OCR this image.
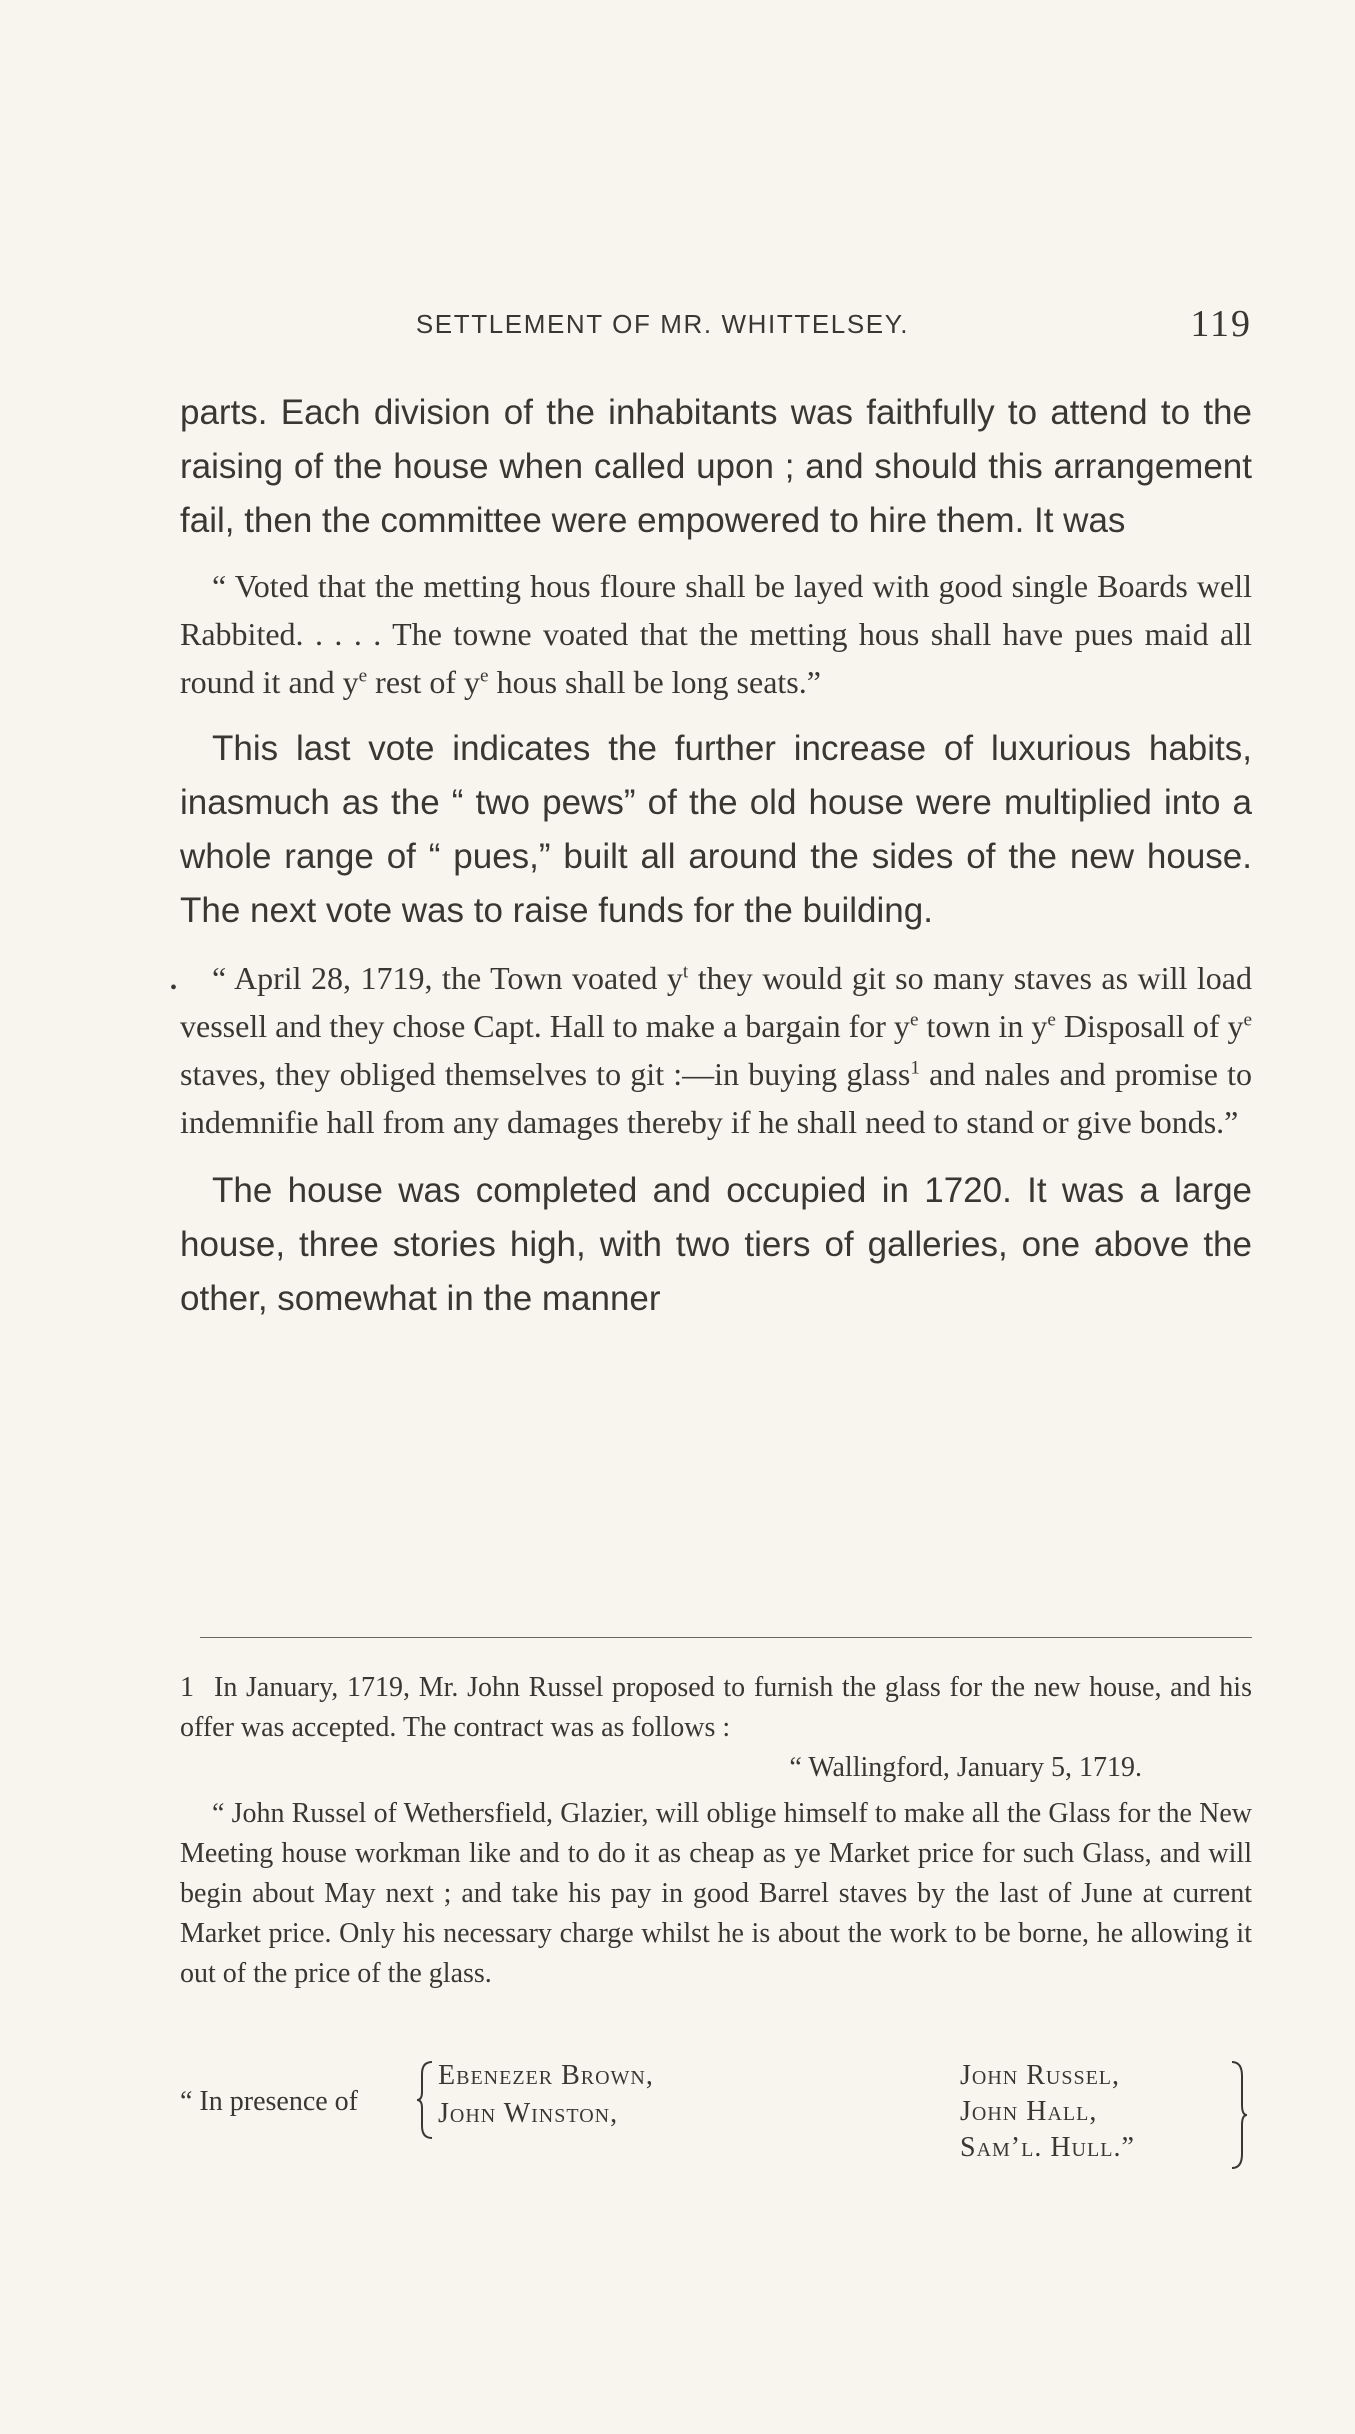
SETTLEMENT OF MR. WHITTELSEY.	119
•

parts. Each division of the inhabitants was faithfully to attend to the raising of the house when called upon ; and should this arrangement fail, then the committee were empowered to hire them. It was

“ Voted that the metting hous floure shall be layed with good single Boards well Rabbited. . . . . The towne voated that the metting hous shall have pues maid all round it and $y^e$ rest of $y^e$ hous shall be long seats.”

This last vote indicates the further increase of luxurious habits, inasmuch as the “ two pews” of the old house were multiplied into a whole range of “ pues,” built all around the sides of the new house. The next vote was to raise funds for the building.

“ April 28, 1719, the Town voated $y^t$ they would git so many staves as will load vessell and they chose Capt. Hall to make a bargain for $y^e$ town in $y^e$ Disposall of $y^e$ staves, they obliged themselves to git :—in buying glass$^1$ and nales and promise to indemnifie hall from any damages thereby if he shall need to stand or give bonds.”

The house was completed and occupied in 1720. It was a large house, three stories high, with two tiers of galleries, one above the other, somewhat in the manner

1 In January, 1719, Mr. John Russel proposed to furnish the glass for the new house, and his offer was accepted. The contract was as follows :

“ Wallingford, January 5, 1719.

“ John Russel of Wethersfield, Glazier, will oblige himself to make all the Glass for the New Meeting house workman like and to do it as cheap as ye Market price for such Glass, and will begin about May next ; and take his pay in good Barrel staves by the last of June at current Market price. Only his necessary charge whilst he is about the work to be borne, he allowing it out of the price of the glass.

“ In presence of
Ebenezer Brown,
John Winston,
John Russel,
John Hall,
Sam’l. Hull.”
